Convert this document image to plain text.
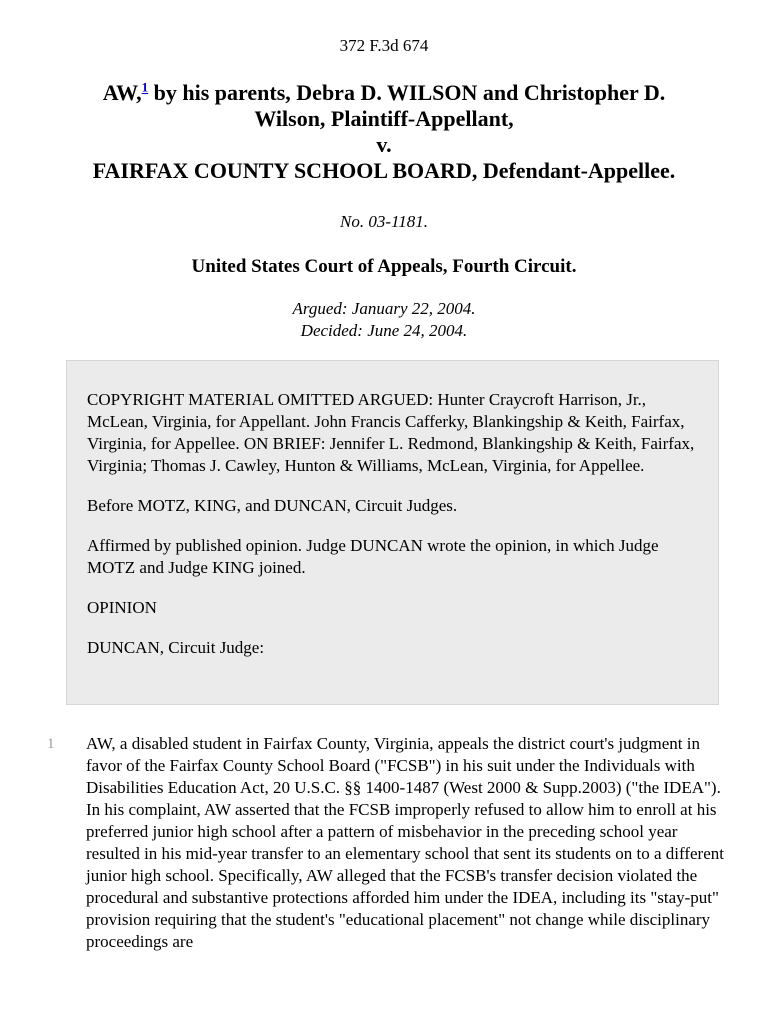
372 F.3d 674
AW,$^1$ by his parents, Debra D. WILSON and Christopher D.
Wilson, Plaintiff-Appellant,
v.
FAIRFAX COUNTY SCHOOL BOARD, Defendant-Appellee.
No. 03-1181.
United States Court of Appeals, Fourth Circuit.
Argued: January 22, 2004.
Decided: June 24, 2004.

COPYRIGHT MATERIAL OMITTED ARGUED: Hunter Craycroft Harrison, Jr., McLean, Virginia, for Appellant. John Francis Cafferky, Blankingship & Keith, Fairfax, Virginia, for Appellee. ON BRIEF: Jennifer L. Redmond, Blankingship & Keith, Fairfax, Virginia; Thomas J. Cawley, Hunton & Williams, McLean, Virginia, for Appellee.

Before MOTZ, KING, and DUNCAN, Circuit Judges.

Affirmed by published opinion. Judge DUNCAN wrote the opinion, in which Judge MOTZ and Judge KING joined.

OPINION

DUNCAN, Circuit Judge:

1 AW, a disabled student in Fairfax County, Virginia, appeals the district court's judgment in favor of the Fairfax County School Board ("FCSB") in his suit under the Individuals with Disabilities Education Act, 20 U.S.C. §§ 1400-1487 (West 2000 & Supp.2003) ("the IDEA"). In his complaint, AW asserted that the FCSB improperly refused to allow him to enroll at his preferred junior high school after a pattern of misbehavior in the preceding school year resulted in his mid-year transfer to an elementary school that sent its students on to a different junior high school. Specifically, AW alleged that the FCSB's transfer decision violated the procedural and substantive protections afforded him under the IDEA, including its "stay-put" provision requiring that the student's "educational placement" not change while disciplinary proceedings are
